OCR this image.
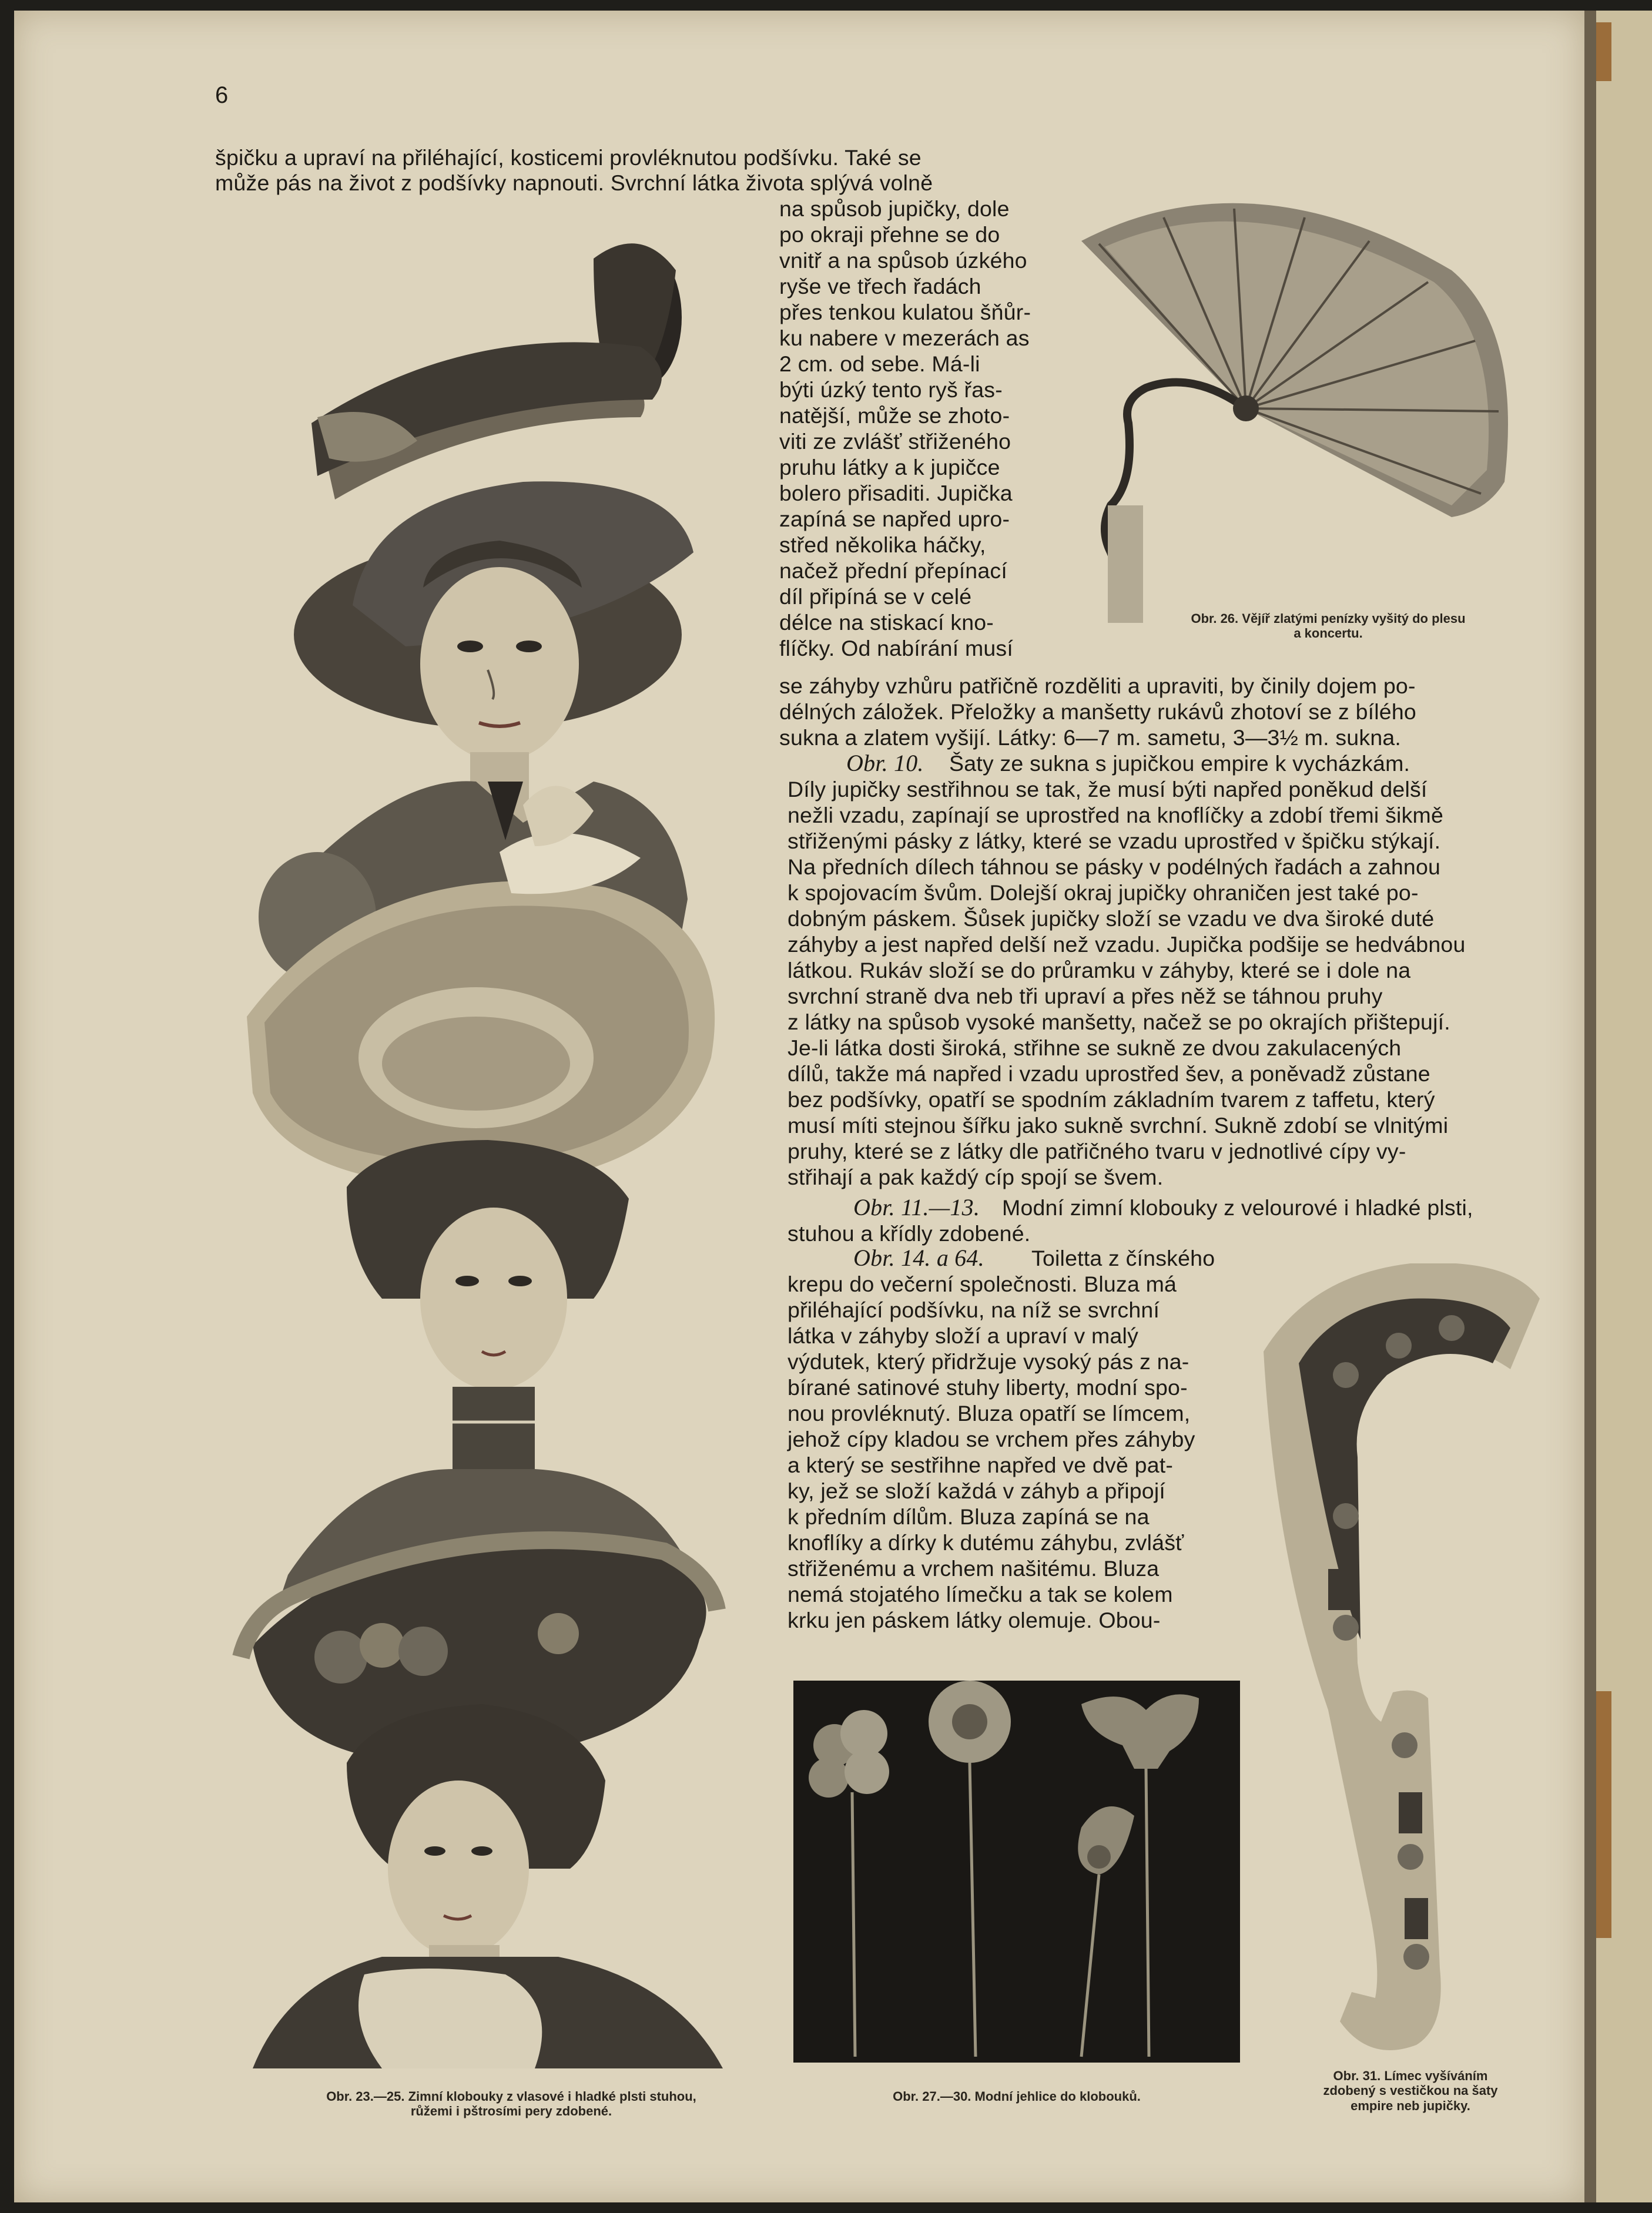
6
špičku a upraví na přiléhající, kosticemi provléknutou podšívku. Také se
může pás na život z podšívky napnouti. Svrchní látka života splývá volně
na spůsob jupičky, dole
po okraji přehne se do
vnitř a na spůsob úzkého
ryše ve třech řadách
přes tenkou kulatou šňůr-
ku nabere v mezerách as
2 cm. od sebe. Má-li
býti úzký tento ryš řas-
natější, může se zhoto-
viti ze zvlášť střiženého
pruhu látky a k jupičce
bolero přisaditi. Jupička
zapíná se napřed upro-
střed několika háčky,
načež přední přepínací
díl připíná se v celé
délce na stiskací kno-
flíčky. Od nabírání musí
se záhyby vzhůru patřičně rozděliti a upraviti, by činily dojem po-
délných záložek. Přeložky a manšetty rukávů zhotoví se z bílého
sukna a zlatem vyšijí. Látky: 6—7 m. sametu, 3—3½ m. sukna.
Obr. 10. Šaty ze sukna s jupičkou empire k vycházkám.
Díly jupičky sestřihnou se tak, že musí býti napřed poněkud delší
nežli vzadu, zapínají se uprostřed na knoflíčky a zdobí třemi šikmě
střiženými pásky z látky, které se vzadu uprostřed v špičku stýkají.
Na předních dílech táhnou se pásky v podélných řadách a zahnou
k spojovacím švům. Dolejší okraj jupičky ohraničen jest také po-
dobným páskem. Šůsek jupičky složí se vzadu ve dva široké duté
záhyby a jest napřed delší než vzadu. Jupička podšije se hedvábnou
látkou. Rukáv složí se do průramku v záhyby, které se i dole na
svrchní straně dva neb tři upraví a přes něž se táhnou pruhy
z látky na spůsob vysoké manšetty, načež se po okrajích přištepují.
Je-li látka dosti široká, střihne se sukně ze dvou zakulacených
dílů, takže má napřed i vzadu uprostřed šev, a poněvadž zůstane
bez podšívky, opatří se spodním základním tvarem z taffetu, který
musí míti stejnou šířku jako sukně svrchní. Sukně zdobí se vlnitými
pruhy, které se z látky dle patřičného tvaru v jednotlivé cípy vy-
střihají a pak každý cíp spojí se švem.
Obr. 11.—13. Modní zimní klobouky z velourové i hladké plsti,
stuhou a křídly zdobené.
Obr. 14. a 64. Toiletta z čínského
krepu do večerní společnosti. Bluza má
přiléhající podšívku, na níž se svrchní
látka v záhyby složí a upraví v malý
výdutek, který přidržuje vysoký pás z na-
bírané satinové stuhy liberty, modní spo-
nou provléknutý. Bluza opatří se límcem,
jehož cípy kladou se vrchem přes záhyby
a který se sestřihne napřed ve dvě pat-
ky, jež se složí každá v záhyb a připojí
k předním dílům. Bluza zapíná se na
knoflíky a dírky k dutému záhybu, zvlášť
střiženému a vrchem našitému. Bluza
nemá stojatého límečku a tak se kolem
krku jen páskem látky olemuje. Obou-
Obr. 26. Vějíř zlatými penízky vyšitý do plesu
a koncertu.
Obr. 23.—25. Zimní klobouky z vlasové i hladké plsti stuhou,
růžemi i pštrosími pery zdobené.
Obr. 27.—30. Modní jehlice do klobouků.
Obr. 31. Límec vyšíváním
zdobený s vestičkou na šaty
empire neb jupičky.
